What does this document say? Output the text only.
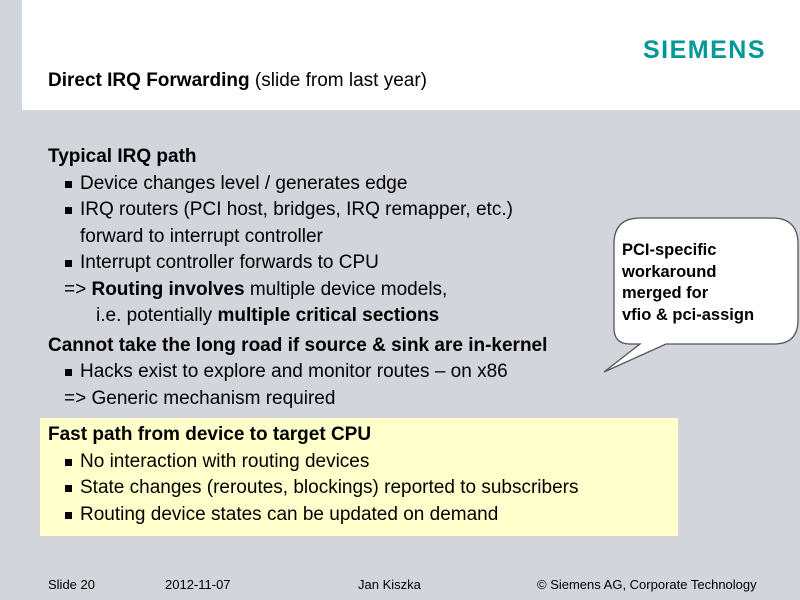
SIEMENS
Direct IRQ Forwarding (slide from last year)
Typical IRQ path
Device changes level / generates edge
IRQ routers (PCI host, bridges, IRQ remapper, etc.)
forward to interrupt controller
Interrupt controller forwards to CPU
=> Routing involves multiple device models,
i.e. potentially multiple critical sections
Cannot take the long road if source & sink are in-kernel
Hacks exist to explore and monitor routes – on x86
=> Generic mechanism required
Fast path from device to target CPU
No interaction with routing devices
State changes (reroutes, blockings) reported to subscribers
Routing device states can be updated on demand
PCI-specific
workaround
merged for
vfio & pci-assign
Slide 20	2012-11-07	Jan Kiszka	© Siemens AG, Corporate Technology
